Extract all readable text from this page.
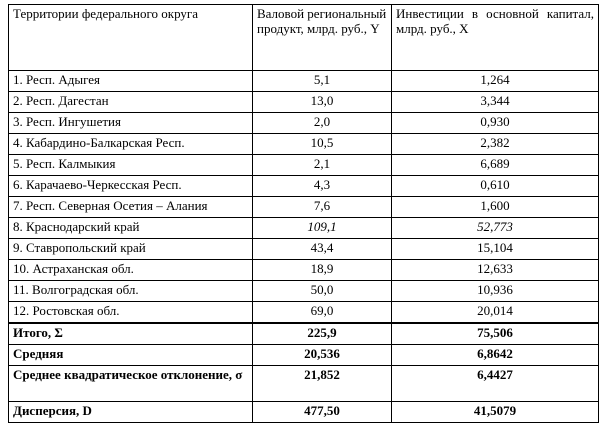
Территории федерального округа	Валовой региональный продукт, млрд. руб., Y	Инвестиции в основной капитал, млрд. руб., X
1. Респ. Адыгея	5,1	1,264
2. Респ. Дагестан	13,0	3,344
3. Респ. Ингушетия	2,0	0,930
4. Кабардино-Балкарская Респ.	10,5	2,382
5. Респ. Калмыкия	2,1	6,689
6. Карачаево-Черкесская Респ.	4,3	0,610
7. Респ. Северная Осетия – Алания	7,6	1,600
8. Краснодарский край	109,1	52,773
9. Ставропольский край	43,4	15,104
10. Астраханская обл.	18,9	12,633
11. Волгоградская обл.	50,0	10,936
12. Ростовская обл.	69,0	20,014
Итого, Σ	225,9	75,506
Средняя	20,536	6,8642
Среднее квадратическое отклонение, σ	21,852	6,4427
Дисперсия, D	477,50	41,5079
